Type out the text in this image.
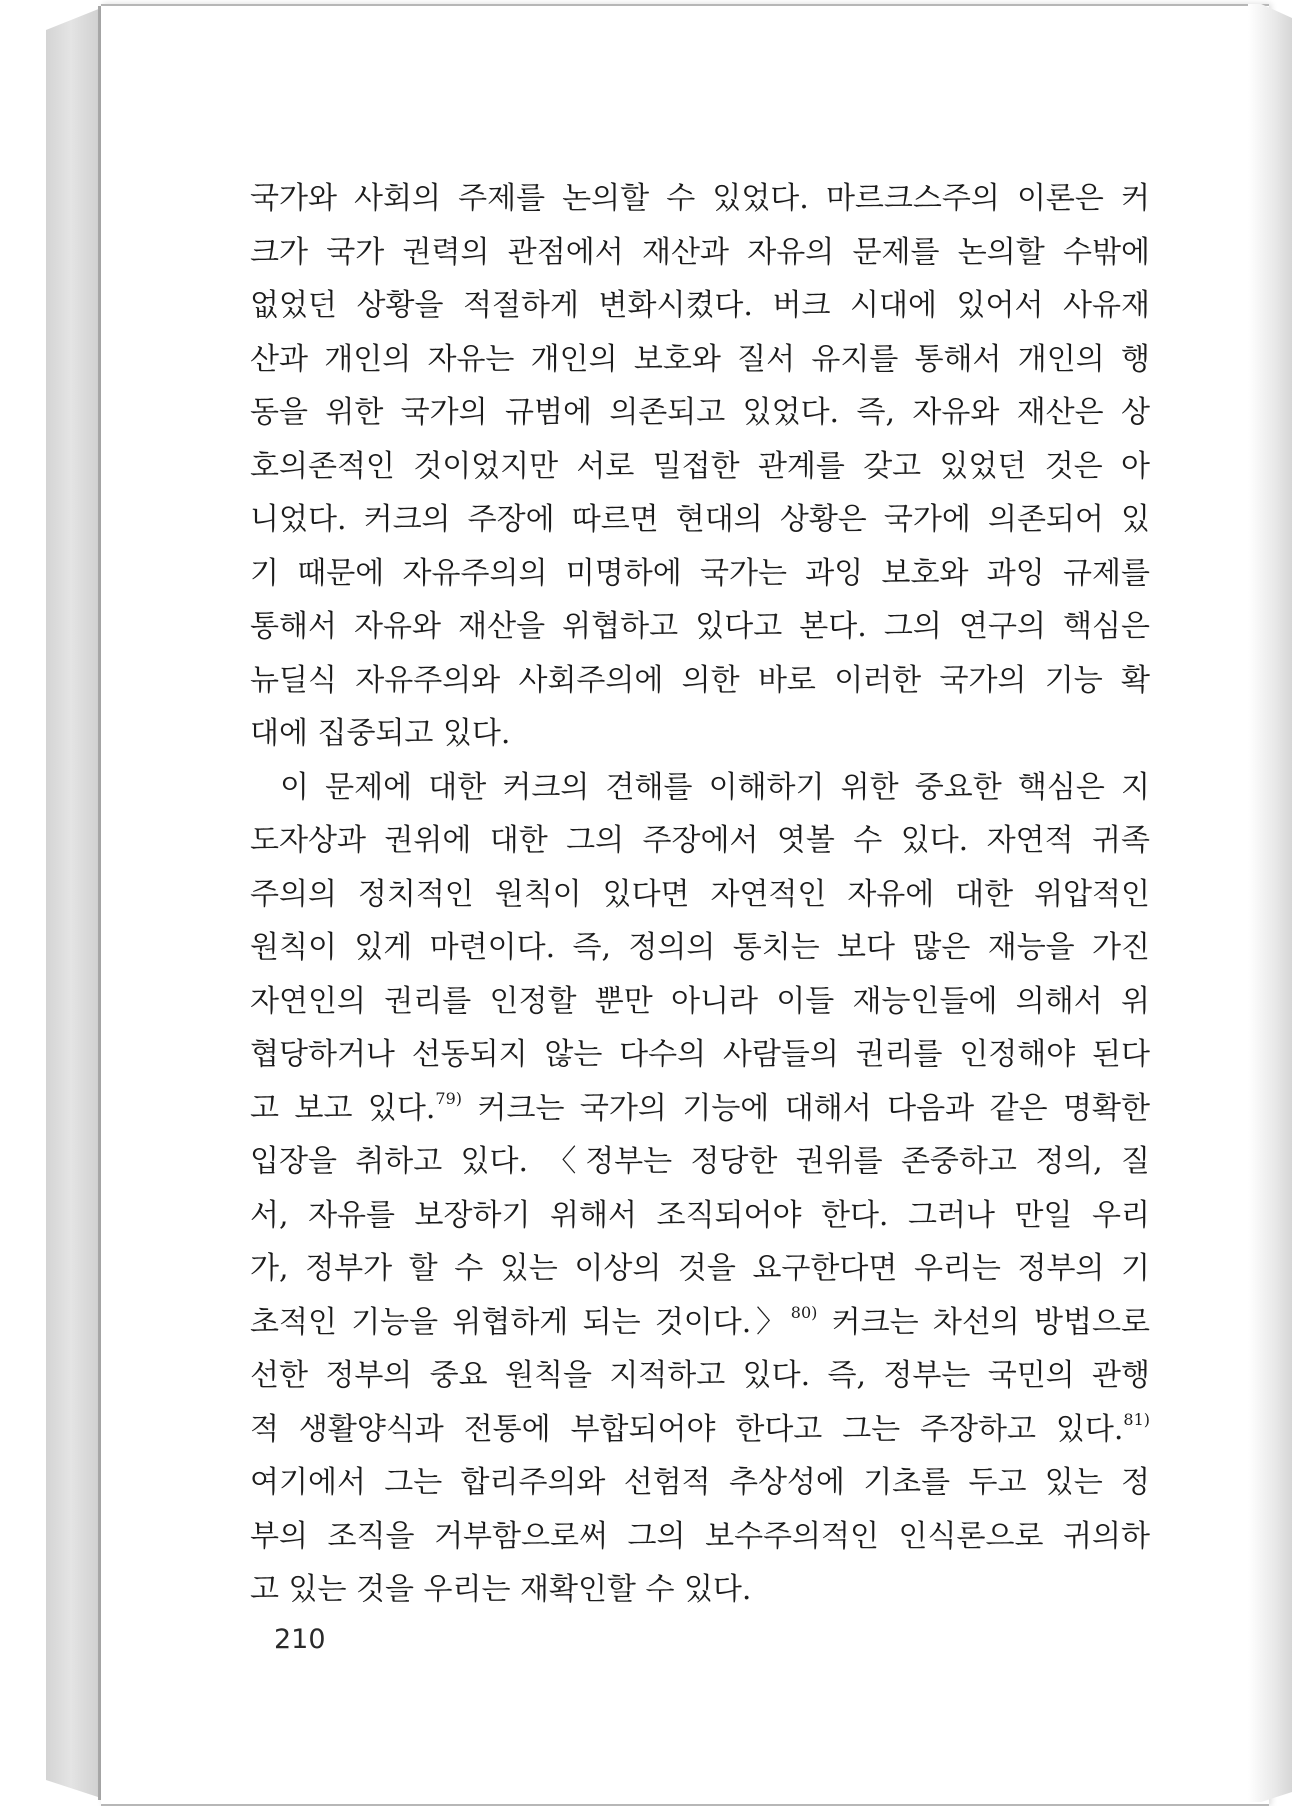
국가와 사회의 주제를 논의할 수 있었다. 마르크스주의 이론은 커
크가 국가 권력의 관점에서 재산과 자유의 문제를 논의할 수밖에
없었던 상황을 적절하게 변화시켰다. 버크 시대에 있어서 사유재
산과 개인의 자유는 개인의 보호와 질서 유지를 통해서 개인의 행
동을 위한 국가의 규범에 의존되고 있었다. 즉, 자유와 재산은 상
호의존적인 것이었지만 서로 밀접한 관계를 갖고 있었던 것은 아
니었다. 커크의 주장에 따르면 현대의 상황은 국가에 의존되어 있
기 때문에 자유주의의 미명하에 국가는 과잉 보호와 과잉 규제를
통해서 자유와 재산을 위협하고 있다고 본다. 그의 연구의 핵심은
뉴딜식 자유주의와 사회주의에 의한 바로 이러한 국가의 기능 확
대에 집중되고 있다.
이 문제에 대한 커크의 견해를 이해하기 위한 중요한 핵심은 지
도자상과 권위에 대한 그의 주장에서 엿볼 수 있다. 자연적 귀족
주의의 정치적인 원칙이 있다면 자연적인 자유에 대한 위압적인
원칙이 있게 마련이다. 즉, 정의의 통치는 보다 많은 재능을 가진
자연인의 권리를 인정할 뿐만 아니라 이들 재능인들에 의해서 위
협당하거나 선동되지 않는 다수의 사람들의 권리를 인정해야 된다
고 보고 있다.$^{79)}$ 커크는 국가의 기능에 대해서 다음과 같은 명확한
입장을 취하고 있다. 〈정부는 정당한 권위를 존중하고 정의, 질
서, 자유를 보장하기 위해서 조직되어야 한다. 그러나 만일 우리
가, 정부가 할 수 있는 이상의 것을 요구한다면 우리는 정부의 기
초적인 기능을 위협하게 되는 것이다.〉$^{80)}$ 커크는 차선의 방법으로
선한 정부의 중요 원칙을 지적하고 있다. 즉, 정부는 국민의 관행
적 생활양식과 전통에 부합되어야 한다고 그는 주장하고 있다.$^{81)}$
여기에서 그는 합리주의와 선험적 추상성에 기초를 두고 있는 정
부의 조직을 거부함으로써 그의 보수주의적인 인식론으로 귀의하
고 있는 것을 우리는 재확인할 수 있다.
210
